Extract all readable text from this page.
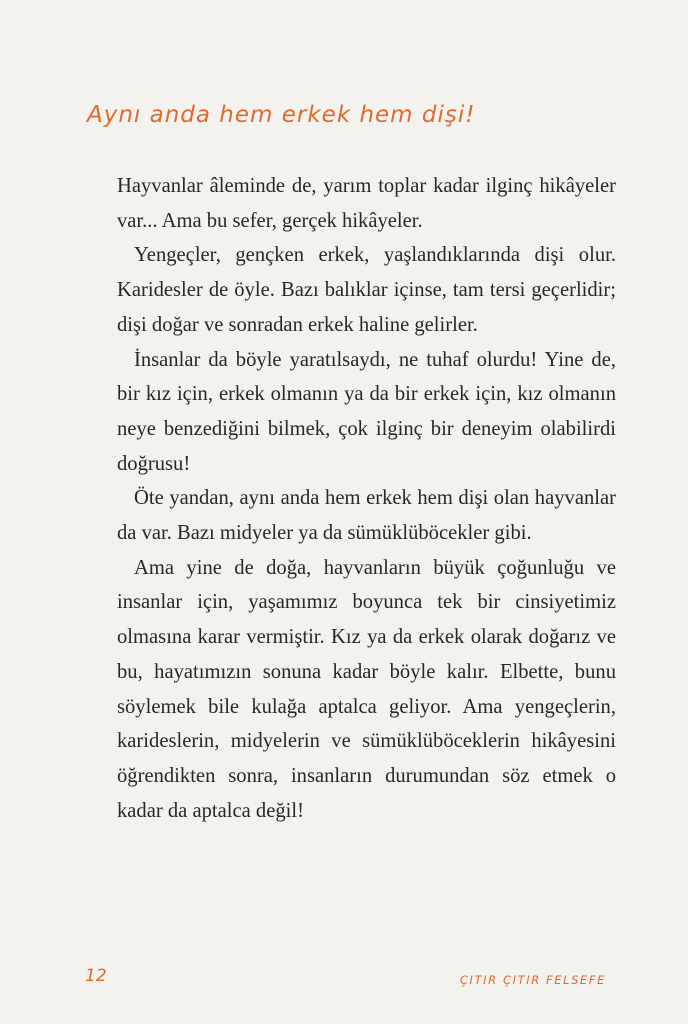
Aynı anda hem erkek hem dişi!

Hayvanlar âleminde de, yarım toplar kadar ilginç hikâyeler var... Ama bu sefer, gerçek hikâyeler.

Yengeçler, gençken erkek, yaşlandıklarında dişi olur. Karidesler de öyle. Bazı balıklar içinse, tam tersi geçerlidir; dişi doğar ve sonradan erkek haline gelirler.

İnsanlar da böyle yaratılsaydı, ne tuhaf olurdu! Yine de, bir kız için, erkek olmanın ya da bir erkek için, kız olmanın neye benzediğini bilmek, çok ilginç bir deneyim olabilirdi doğrusu!

Öte yandan, aynı anda hem erkek hem dişi olan hayvanlar da var. Bazı midyeler ya da sümüklüböcekler gibi.

Ama yine de doğa, hayvanların büyük çoğunluğu ve insanlar için, yaşamımız boyunca tek bir cinsiyetimiz olmasına karar vermiştir. Kız ya da erkek olarak doğarız ve bu, hayatımızın sonuna kadar böyle kalır. Elbette, bunu söylemek bile kulağa aptalca geliyor. Ama yengeçlerin, karideslerin, midyelerin ve sümüklüböceklerin hikâyesini öğrendikten sonra, insanların durumundan söz etmek o kadar da aptalca değil!

12	ÇITIR ÇITIR FELSEFE
